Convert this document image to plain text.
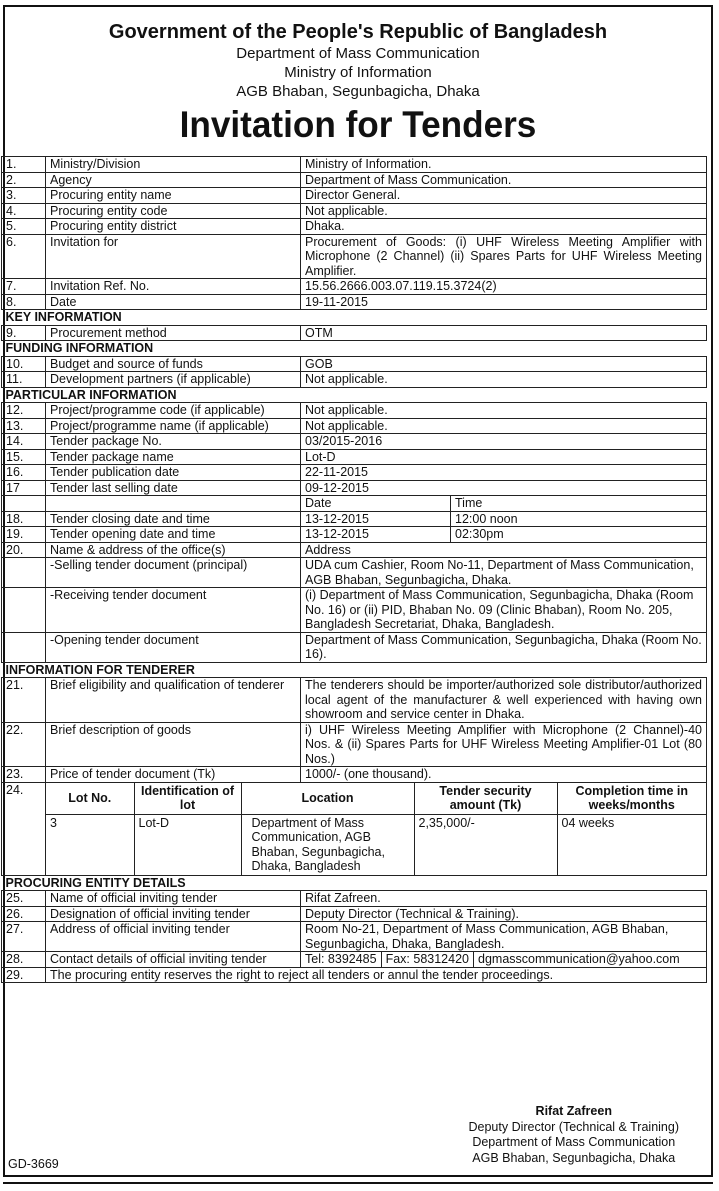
Government of the People's Republic of Bangladesh
Department of Mass Communication
Ministry of Information
AGB Bhaban, Segunbagicha, Dhaka
Invitation for Tenders
1.	Ministry/Division	Ministry of Information.
2.	Agency	Department of Mass Communication.
3.	Procuring entity name	Director General.
4.	Procuring entity code	Not applicable.
5.	Procuring entity district	Dhaka.
6.	Invitation for	Procurement of Goods: (i) UHF Wireless Meeting Amplifier with Microphone (2 Channel) (ii) Spares Parts for UHF Wireless Meeting Amplifier.
7.	Invitation Ref. No.	15.56.2666.003.07.119.15.3724(2)
8.	Date	19-11-2015
KEY INFORMATION
9.	Procurement method	OTM
FUNDING INFORMATION
10.	Budget and source of funds	GOB
11.	Development partners (if applicable)	Not applicable.
PARTICULAR INFORMATION
12.	Project/programme code (if applicable)	Not applicable.
13.	Project/programme name (if applicable)	Not applicable.
14.	Tender package No.	03/2015-2016
15.	Tender package name	Lot-D
16.	Tender publication date	22-11-2015
17	Tender last selling date	09-12-2015
		Date	Time
18.	Tender closing date and time	13-12-2015	12:00 noon
19.	Tender opening date and time	13-12-2015	02:30pm
20.	Name & address of the office(s)	Address
	-Selling tender document (principal)	UDA cum Cashier, Room No-11, Department of Mass Communication, AGB Bhaban, Segunbagicha, Dhaka.
	-Receiving tender document	(i) Department of Mass Communication, Segunbagicha, Dhaka (Room No. 16) or (ii) PID, Bhaban No. 09 (Clinic Bhaban), Room No. 205, Bangladesh Secretariat, Dhaka, Bangladesh.
	-Opening tender document	Department of Mass Communication, Segunbagicha, Dhaka (Room No. 16).
INFORMATION FOR TENDERER
21.	Brief eligibility and qualification of tenderer	The tenderers should be importer/authorized sole distributor/authorized local agent of the manufacturer & well experienced with having own showroom and service center in Dhaka.
22.	Brief description of goods	i) UHF Wireless Meeting Amplifier with Microphone (2 Channel)-40 Nos. & (ii) Spares Parts for UHF Wireless Meeting Amplifier-01 Lot (80 Nos.)
23.	Price of tender document (Tk)	1000/- (one thousand).
24.	
Lot No.	Identification of lot	Location	Tender security amount (Tk)	Completion time in weeks/months
3	Lot-D	Department of Mass Communication, AGB Bhaban, Segunbagicha, Dhaka, Bangladesh	2,35,000/-	04 weeks

PROCURING ENTITY DETAILS
25.	Name of official inviting tender	Rifat Zafreen.
26.	Designation of official inviting tender	Deputy Director (Technical & Training).
27.	Address of official inviting tender	Room No-21, Department of Mass Communication, AGB Bhaban, Segunbagicha, Dhaka, Bangladesh.
28.	Contact details of official inviting tender	Tel: 8392485 Fax: 58312420 dgmasscommunication@yahoo.com
29.	The procuring entity reserves the right to reject all tenders or annul the tender proceedings.
Rifat Zafreen
Deputy Director (Technical & Training)
Department of Mass Communication
AGB Bhaban, Segunbagicha, Dhaka
GD-3669
